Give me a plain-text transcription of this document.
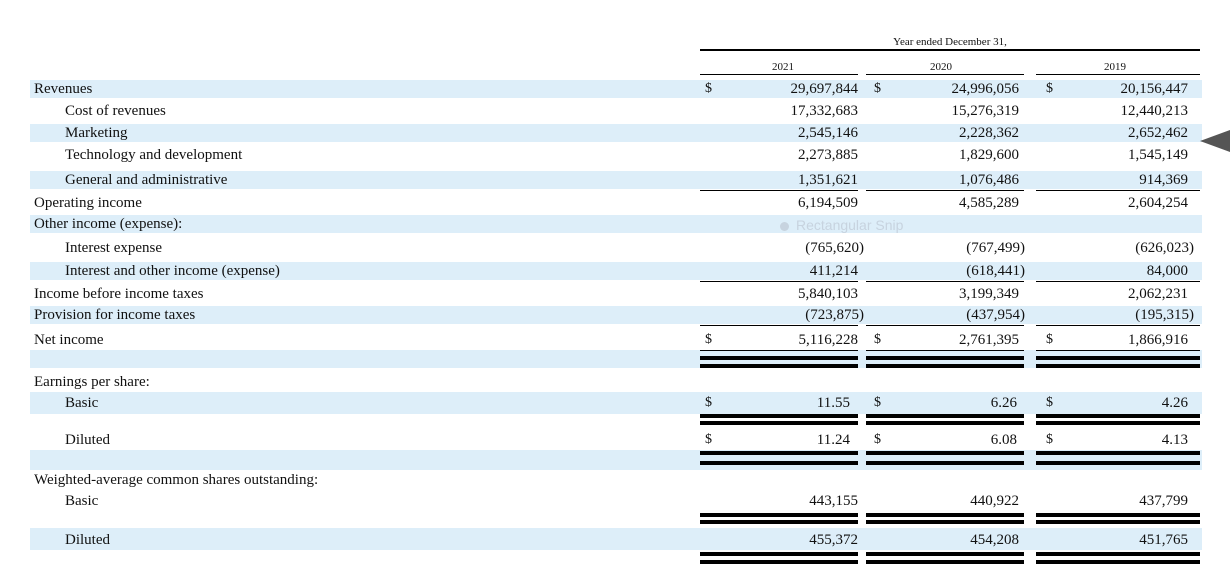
Year ended December 31,
2021	2020	2019
Revenues	$	29,697,844 $	24,996,056 $	20,156,447
Cost of revenues	17,332,683	15,276,319	12,440,213
Marketing	2,545,146	2,228,362	2,652,462
Technology and development	2,273,885	1,829,600	1,545,149
General and administrative	1,351,621	1,076,486	914,369
Operating income	6,194,509	4,585,289	2,604,254
Other income (expense):	Rectangular Snip
Interest expense	(765,620)	(767,499)	(626,023)
Interest and other income (expense)	411,214	(618,441)	84,000
Income before income taxes	5,840,103	3,199,349	2,062,231
Provision for income taxes	(723,875)	(437,954)	(195,315)
Net income	$	5,116,228 $	2,761,395 $	1,866,916
Earnings per share:
Basic	$	11.55 $	6.26 $	4.26
Diluted	$	11.24 $	6.08 $	4.13
Weighted-average common shares outstanding:
Basic	443,155	440,922	437,799
Diluted	455,372	454,208	451,765
